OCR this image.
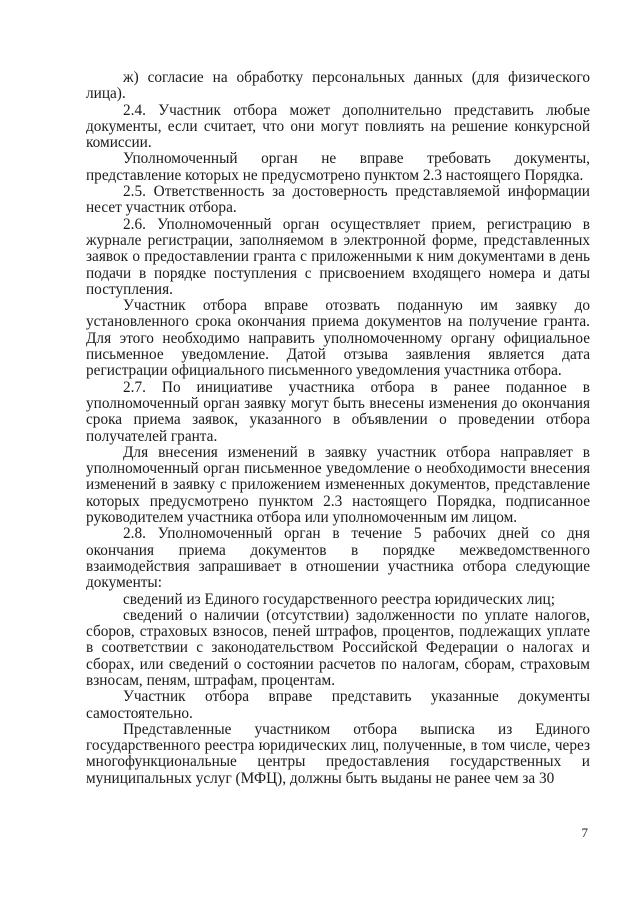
ж) согласие на обработку персональных данных (для физического лица).

2.4. Участник отбора может дополнительно представить любые документы, если считает, что они могут повлиять на решение конкурсной комиссии.

Уполномоченный орган не вправе требовать документы, представление которых не предусмотрено пунктом 2.3 настоящего Порядка.

2.5. Ответственность за достоверность представляемой информации несет участник отбора.

2.6. Уполномоченный орган осуществляет прием, регистрацию в журнале регистрации, заполняемом в электронной форме, представленных заявок о предоставлении гранта с приложенными к ним документами в день подачи в порядке поступления с присвоением входящего номера и даты поступления.

Участник отбора вправе отозвать поданную им заявку до установленного срока окончания приема документов на получение гранта. Для этого необходимо направить уполномоченному органу официальное письменное уведомление. Датой отзыва заявления является дата регистрации официального письменного уведомления участника отбора.

2.7. По инициативе участника отбора в ранее поданное в уполномоченный орган заявку могут быть внесены изменения до окончания срока приема заявок, указанного в объявлении о проведении отбора получателей гранта.

Для внесения изменений в заявку участник отбора направляет в уполномоченный орган письменное уведомление о необходимости внесения изменений в заявку с приложением измененных документов, представление которых предусмотрено пунктом 2.3 настоящего Порядка, подписанное руководителем участника отбора или уполномоченным им лицом.

2.8. Уполномоченный орган в течение 5 рабочих дней со дня окончания приема документов в порядке межведомственного взаимодействия запрашивает в отношении участника отбора следующие документы:

сведений из Единого государственного реестра юридических лиц;

сведений о наличии (отсутствии) задолженности по уплате налогов, сборов, страховых взносов, пеней штрафов, процентов, подлежащих уплате в соответствии с законодательством Российской Федерации о налогах и сборах, или сведений о состоянии расчетов по налогам, сборам, страховым взносам, пеням, штрафам, процентам.

Участник отбора вправе представить указанные документы самостоятельно.

Представленные участником отбора выписка из Единого государственного реестра юридических лиц, полученные, в том числе, через многофункциональные центры предоставления государственных и муниципальных услуг (МФЦ), должны быть выданы не ранее чем за 30

7
